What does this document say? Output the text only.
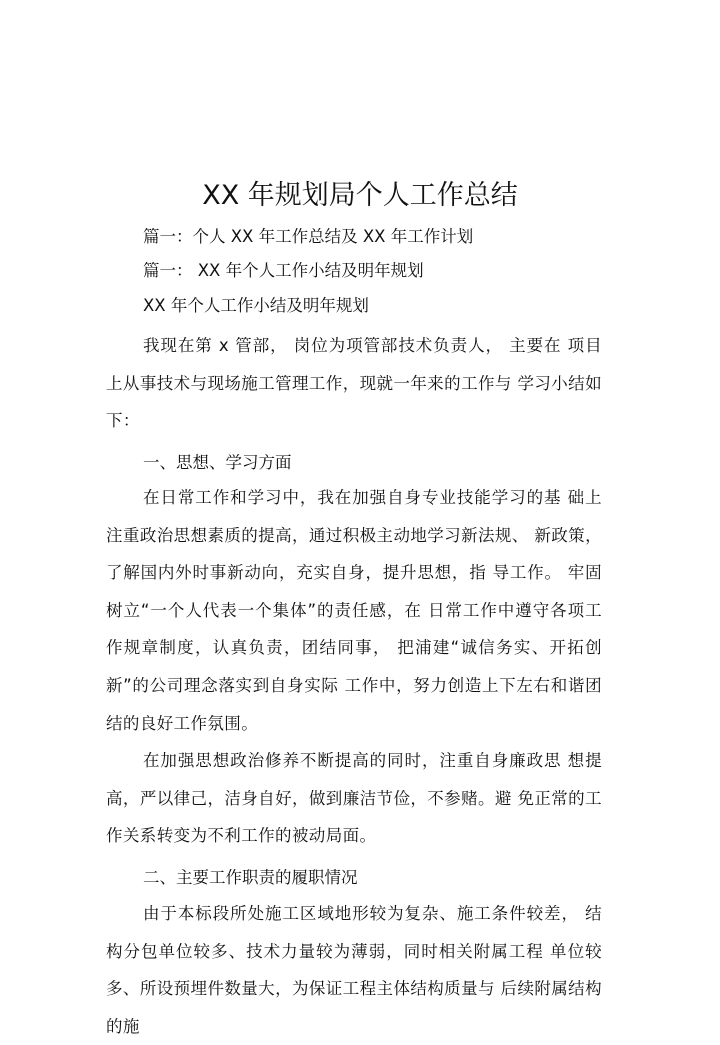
XX 年规划局个人工作总结
篇一：个人 XX 年工作总结及 XX 年工作计划
篇一： XX 年个人工作小结及明年规划
XX 年个人工作小结及明年规划

我现在第 x 管部， 岗位为项管部技术负责人， 主要在 项目上从事技术与现场施工管理工作，现就一年来的工作与 学习小结如下：

一、思想、学习方面

在日常工作和学习中，我在加强自身专业技能学习的基 础上注重政治思想素质的提高，通过积极主动地学习新法规、 新政策，了解国内外时事新动向，充实自身，提升思想，指 导工作。 牢固树立“一个人代表一个集体”的责任感，在 日常工作中遵守各项工作规章制度，认真负责，团结同事， 把浦建“诚信务实、开拓创新”的公司理念落实到自身实际 工作中，努力创造上下左右和谐团结的良好工作氛围。

在加强思想政治修养不断提高的同时，注重自身廉政思 想提高，严以律己，洁身自好，做到廉洁节俭，不参赌。避 免正常的工作关系转变为不利工作的被动局面。

二、主要工作职责的履职情况

由于本标段所处施工区域地形较为复杂、施工条件较差， 结构分包单位较多、技术力量较为薄弱，同时相关附属工程 单位较多、所设预埋件数量大，为保证工程主体结构质量与 后续附属结构的施
